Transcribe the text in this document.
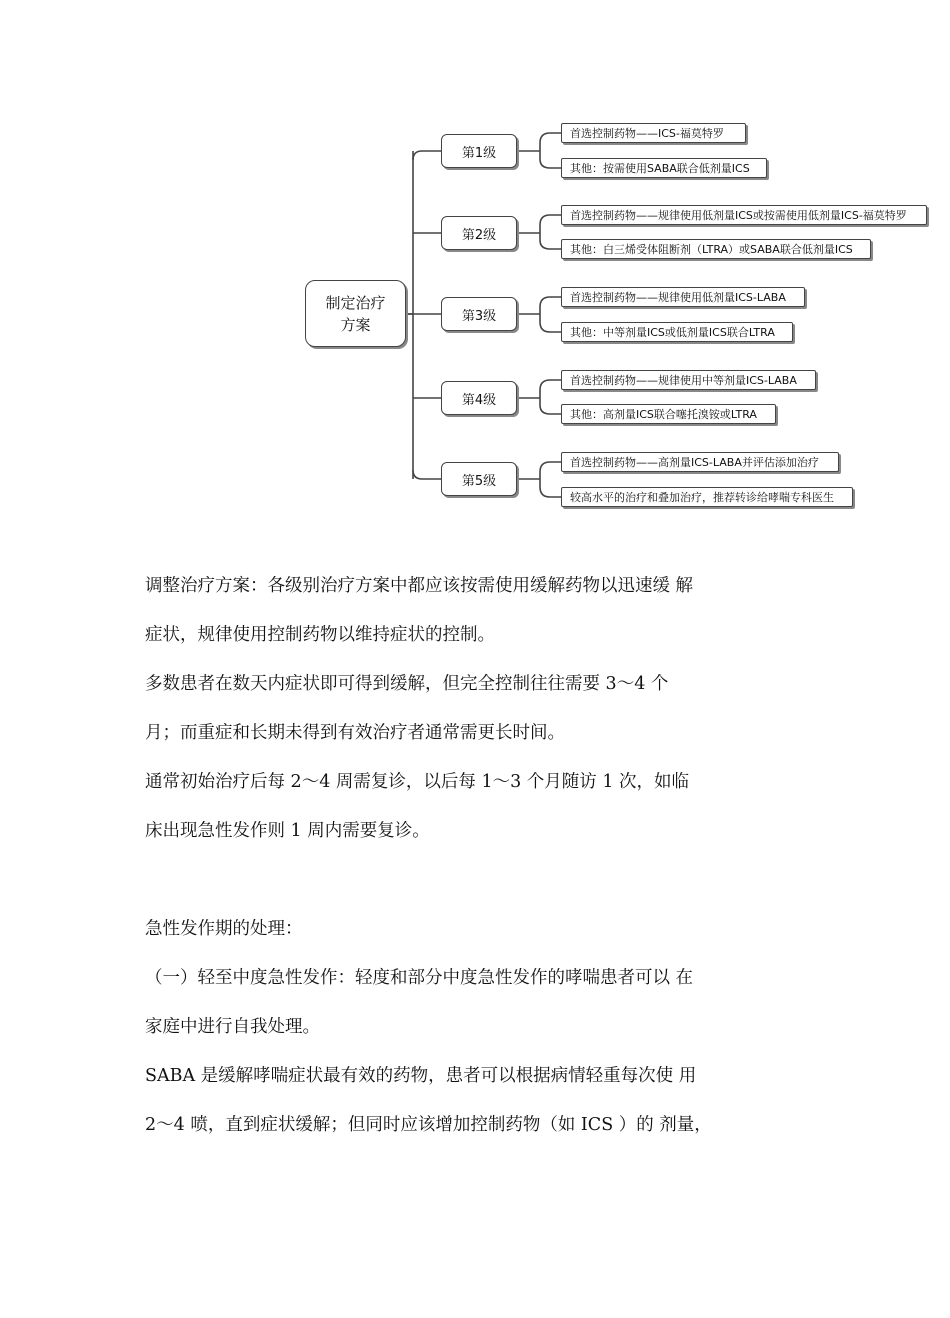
制定治疗方案
第1级
第2级
第3级
第4级
第5级
首选控制药物——ICS-福莫特罗
其他：按需使用SABA联合低剂量ICS
首选控制药物——规律使用低剂量ICS或按需使用低剂量ICS-福莫特罗
其他：白三烯受体阻断剂（LTRA）或SABA联合低剂量ICS
首选控制药物——规律使用低剂量ICS-LABA
其他：中等剂量ICS或低剂量ICS联合LTRA
首选控制药物——规律使用中等剂量ICS-LABA
其他：高剂量ICS联合噻托溴铵或LTRA
首选控制药物——高剂量ICS-LABA并评估添加治疗
较高水平的治疗和叠加治疗，推荐转诊给哮喘专科医生
调整治疗方案：各级别治疗方案中都应该按需使用缓解药物以迅速缓 解
症状，规律使用控制药物以维持症状的控制。
多数患者在数天内症状即可得到缓解，但完全控制往往需要 3〜4 个
月；而重症和长期未得到有效治疗者通常需更长时间。
通常初始治疗后每 2〜4 周需复诊，以后每 1〜3 个月随访 1 次，如临
床出现急性发作则 1 周内需要复诊。
急性发作期的处理：
（一）轻至中度急性发作：轻度和部分中度急性发作的哮喘患者可以 在
家庭中进行自我处理。
SABA 是缓解哮喘症状最有效的药物，患者可以根据病情轻重每次使 用
2〜4 喷，直到症状缓解；但同时应该增加控制药物（如 ICS ）的 剂量，
